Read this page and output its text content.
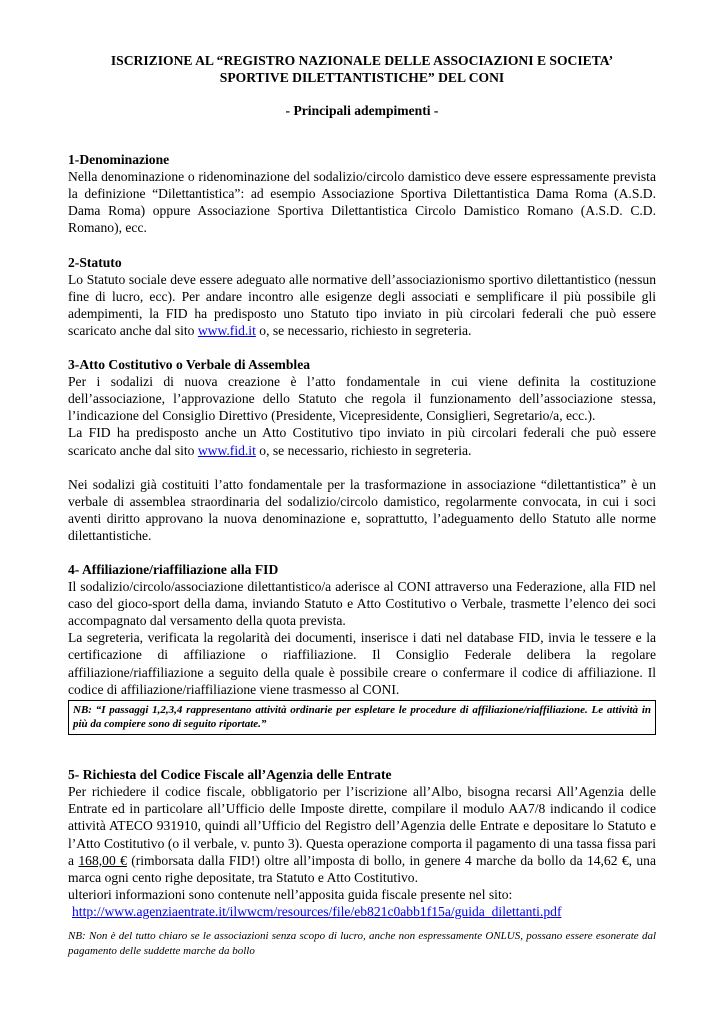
ISCRIZIONE AL “REGISTRO NAZIONALE DELLE ASSOCIAZIONI E SOCIETA’

SPORTIVE DILETTANTISTICHE” DEL CONI

- Principali adempimenti -

1-Denominazione

Nella denominazione o ridenominazione del sodalizio/circolo damistico deve essere espressamente prevista la definizione “Dilettantistica”: ad esempio Associazione Sportiva Dilettantistica Dama Roma (A.S.D. Dama Roma) oppure Associazione Sportiva Dilettantistica Circolo Damistico Romano (A.S.D. C.D. Romano), ecc.

2-Statuto

Lo Statuto sociale deve essere adeguato alle normative dell’associazionismo sportivo dilettantistico (nessun fine di lucro, ecc). Per andare incontro alle esigenze degli associati e semplificare il più possibile gli adempimenti, la FID ha predisposto uno Statuto tipo inviato in più circolari federali che può essere scaricato anche dal sito www.fid.it o, se necessario, richiesto in segreteria.

3-Atto Costitutivo o Verbale di Assemblea

Per i sodalizi di nuova creazione è l’atto fondamentale in cui viene definita la costituzione dell’associazione, l’approvazione dello Statuto che regola il funzionamento dell’associazione stessa, l’indicazione del Consiglio Direttivo (Presidente, Vicepresidente, Consiglieri, Segretario/a, ecc.).

La FID ha predisposto anche un Atto Costitutivo tipo inviato in più circolari federali che può essere scaricato anche dal sito www.fid.it o, se necessario, richiesto in segreteria.

Nei sodalizi già costituiti l’atto fondamentale per la trasformazione in associazione “dilettantistica” è un verbale di assemblea straordinaria del sodalizio/circolo damistico, regolarmente convocata, in cui i soci aventi diritto approvano la nuova denominazione e, soprattutto, l’adeguamento dello Statuto alle norme dilettantistiche.

4- Affiliazione/riaffiliazione alla FID

Il sodalizio/circolo/associazione dilettantistico/a aderisce al CONI attraverso una Federazione, alla FID nel caso del gioco-sport della dama, inviando Statuto e Atto Costitutivo o Verbale, trasmette l’elenco dei soci accompagnato dal versamento della quota prevista.

La segreteria, verificata la regolarità dei documenti, inserisce i dati nel database FID, invia le tessere e la certificazione di affiliazione o riaffiliazione. Il Consiglio Federale delibera la regolare affiliazione/riaffiliazione a seguito della quale è possibile creare o confermare il codice di affiliazione. Il codice di affiliazione/riaffiliazione viene trasmesso al CONI.

NB: “I passaggi 1,2,3,4 rappresentano attività ordinarie per espletare le procedure di affiliazione/riaffiliazione. Le attività in più da compiere sono di seguito riportate.”

5- Richiesta del Codice Fiscale all’Agenzia delle Entrate

Per richiedere il codice fiscale, obbligatorio per l’iscrizione all’Albo, bisogna recarsi All’Agenzia delle Entrate ed in particolare all’Ufficio delle Imposte dirette, compilare il modulo AA7/8 indicando il codice attività ATECO 931910, quindi all’Ufficio del Registro dell’Agenzia delle Entrate e depositare lo Statuto e l’Atto Costitutivo (o il verbale, v. punto 3). Questa operazione comporta il pagamento di una tassa fissa pari a 168,00 € (rimborsata dalla FID!) oltre all’imposta di bollo, in genere 4 marche da bollo da 14,62 €, una marca ogni cento righe depositate, tra Statuto e Atto Costitutivo.

ulteriori informazioni sono contenute nell’apposita guida fiscale presente nel sito:

http://www.agenziaentrate.it/ilwwcm/resources/file/eb821c0abb1f15a/guida_dilettanti.pdf

NB: Non è del tutto chiaro se le associazioni senza scopo di lucro, anche non espressamente ONLUS, possano essere esonerate dal pagamento delle suddette marche da bollo
